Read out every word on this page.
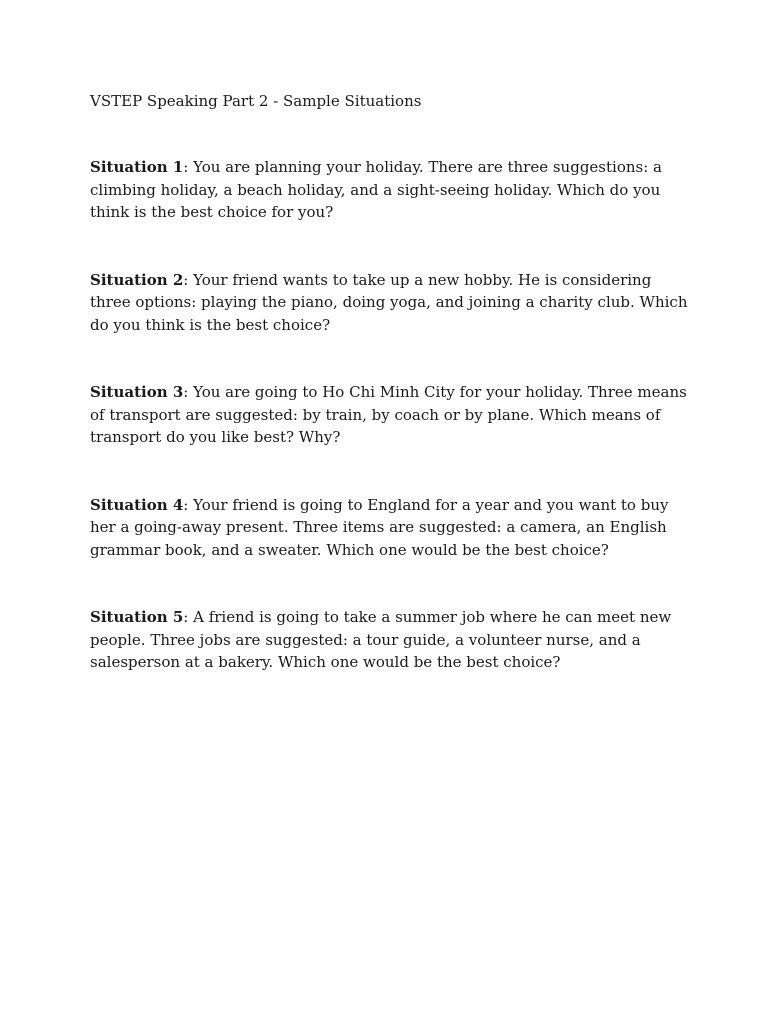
VSTEP Speaking Part 2 - Sample Situations

Situation 1: You are planning your holiday. There are three suggestions: a climbing holiday, a beach holiday, and a sight-seeing holiday. Which do you think is the best choice for you?

Situation 2: Your friend wants to take up a new hobby. He is considering three options: playing the piano, doing yoga, and joining a charity club. Which do you think is the best choice?

Situation 3: You are going to Ho Chi Minh City for your holiday. Three means of transport are suggested: by train, by coach or by plane. Which means of transport do you like best? Why?

Situation 4: Your friend is going to England for a year and you want to buy her a going-away present. Three items are suggested: a camera, an English grammar book, and a sweater. Which one would be the best choice?

Situation 5: A friend is going to take a summer job where he can meet new people. Three jobs are suggested: a tour guide, a volunteer nurse, and a salesperson at a bakery. Which one would be the best choice?
